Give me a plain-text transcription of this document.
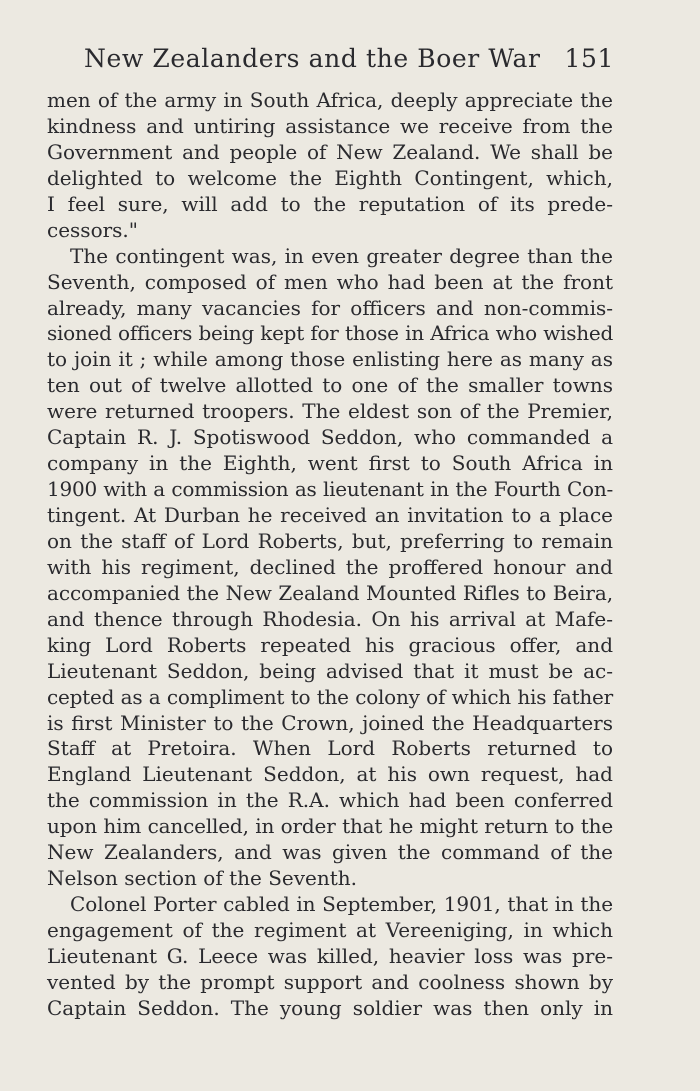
New Zealanders and the Boer War 151
men of the army in South Africa, deeply appreciate the
kindness and untiring assistance we receive from the
Government and people of New Zealand. We shall be
delighted to welcome the Eighth Contingent, which,
I feel sure, will add to the reputation of its prede-
cessors."
The contingent was, in even greater degree than the
Seventh, composed of men who had been at the front
already, many vacancies for officers and non-commis-
sioned officers being kept for those in Africa who wished
to join it ; while among those enlisting here as many as
ten out of twelve allotted to one of the smaller towns
were returned troopers. The eldest son of the Premier,
Captain R. J. Spotiswood Seddon, who commanded a
company in the Eighth, went first to South Africa in
1900 with a commission as lieutenant in the Fourth Con-
tingent. At Durban he received an invitation to a place
on the staff of Lord Roberts, but, preferring to remain
with his regiment, declined the proffered honour and
accompanied the New Zealand Mounted Rifles to Beira,
and thence through Rhodesia. On his arrival at Mafe-
king Lord Roberts repeated his gracious offer, and
Lieutenant Seddon, being advised that it must be ac-
cepted as a compliment to the colony of which his father
is first Minister to the Crown, joined the Headquarters
Staff at Pretoira. When Lord Roberts returned to
England Lieutenant Seddon, at his own request, had
the commission in the R.A. which had been conferred
upon him cancelled, in order that he might return to the
New Zealanders, and was given the command of the
Nelson section of the Seventh.
Colonel Porter cabled in September, 1901, that in the
engagement of the regiment at Vereeniging, in which
Lieutenant G. Leece was killed, heavier loss was pre-
vented by the prompt support and coolness shown by
Captain Seddon. The young soldier was then only in
